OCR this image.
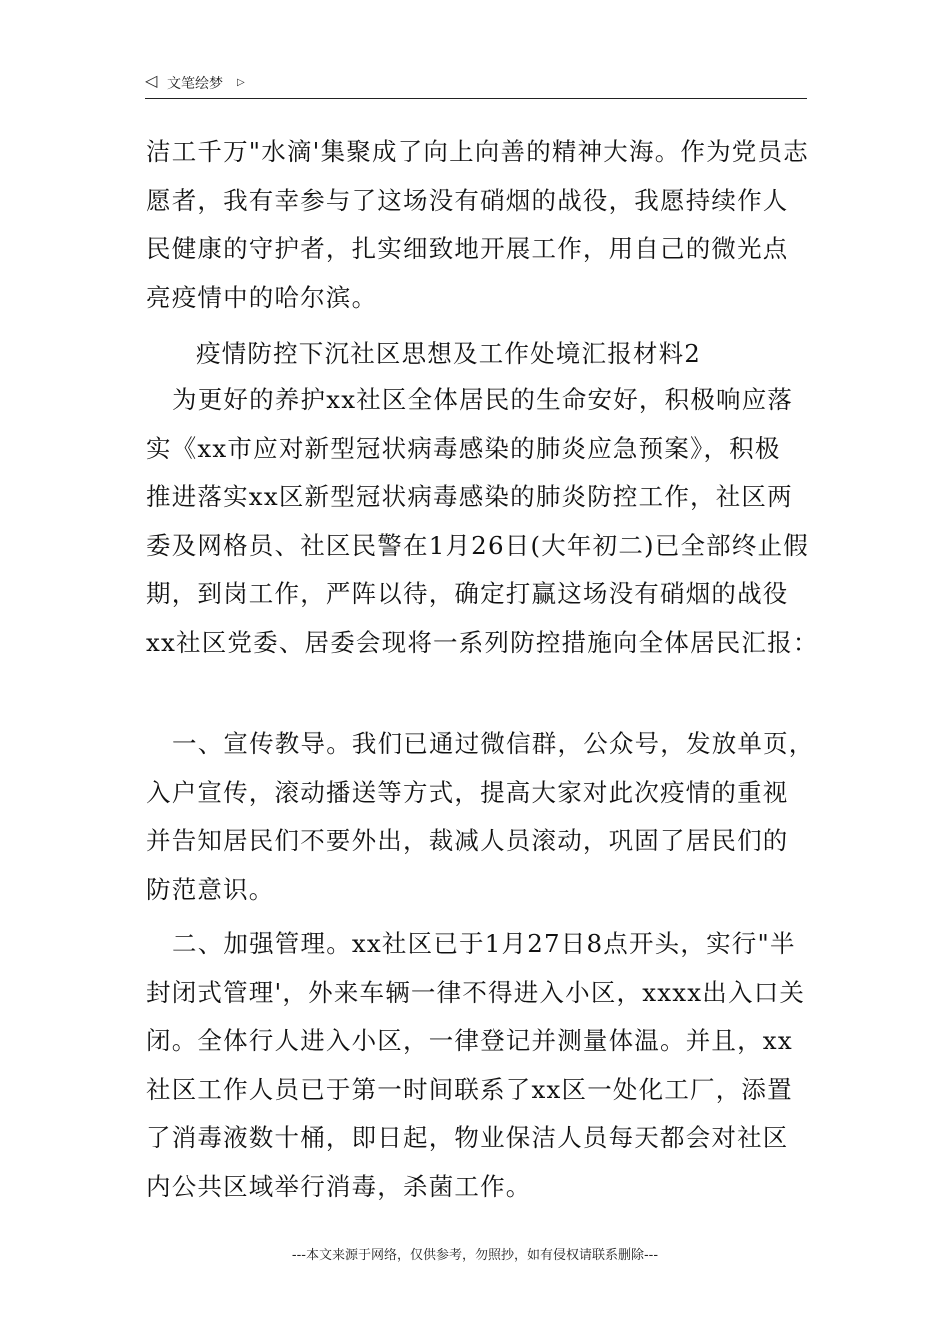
◁ 文笔绘梦 ▷
洁工千万"水滴'集聚成了向上向善的精神大海。作为党员志
愿者，我有幸参与了这场没有硝烟的战役，我愿持续作人
民健康的守护者，扎实细致地开展工作，用自己的微光点
亮疫情中的哈尔滨。
疫情防控下沉社区思想及工作处境汇报材料2
为更好的养护xx社区全体居民的生命安好，积极响应落
实《xx市应对新型冠状病毒感染的肺炎应急预案》，积极
推进落实xx区新型冠状病毒感染的肺炎防控工作，社区两
委及网格员、社区民警在1月26日(大年初二)已全部终止假
期，到岗工作，严阵以待，确定打赢这场没有硝烟的战役
xx社区党委、居委会现将一系列防控措施向全体居民汇报：
一、宣传教导。我们已通过微信群，公众号，发放单页，
入户宣传，滚动播送等方式，提高大家对此次疫情的重视
并告知居民们不要外出，裁减人员滚动，巩固了居民们的
防范意识。
二、加强管理。xx社区已于1月27日8点开头，实行"半
封闭式管理'，外来车辆一律不得进入小区，xxxx出入口关
闭。全体行人进入小区，一律登记并测量体温。并且，xx
社区工作人员已于第一时间联系了xx区一处化工厂，添置
了消毒液数十桶，即日起，物业保洁人员每天都会对社区
内公共区域举行消毒，杀菌工作。
---本文来源于网络，仅供参考，勿照抄，如有侵权请联系删除---
